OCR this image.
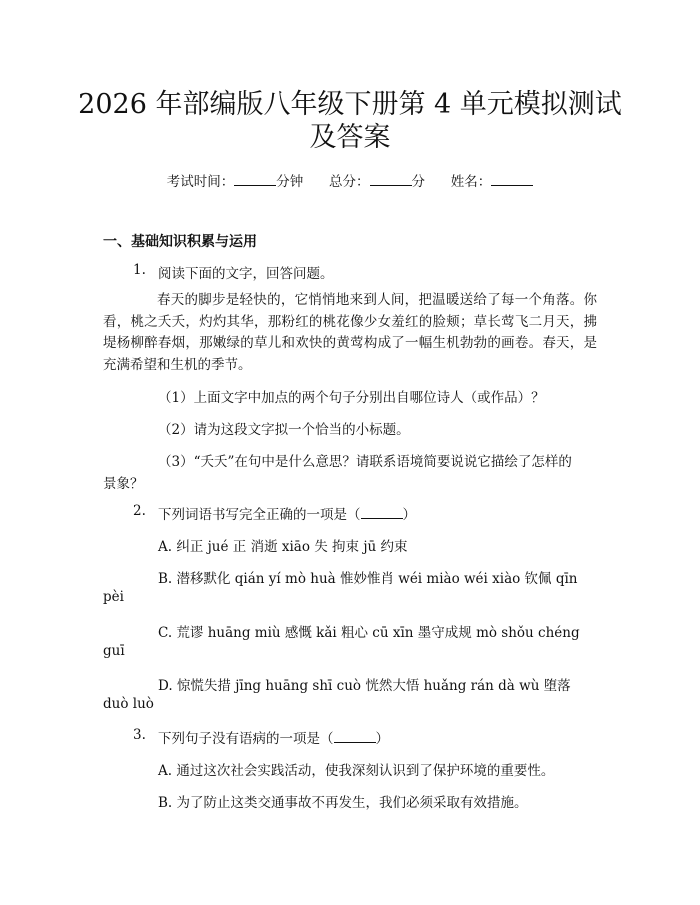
2026 年部编版八年级下册第 4 单元模拟测试
及答案
考试时间：	分钟 总分：	分 姓名：
一、基础知识积累与运用
1. 阅读下面的文字，回答问题。
春天的脚步是轻快的，它悄悄地来到人间，把温暖送给了每一个角落。你看，桃之夭夭，灼灼其华，那粉红的桃花像少女羞红的脸颊；草长莺飞二月天，拂堤杨柳醉春烟，那嫩绿的草儿和欢快的黄莺构成了一幅生机勃勃的画卷。春天，是充满希望和生机的季节。
（1）上面文字中加点的两个句子分别出自哪位诗人（或作品）？
（2）请为这段文字拟一个恰当的小标题。
（3）“夭夭”在句中是什么意思？请联系语境简要说说它描绘了怎样的
景象？
2. 下列词语书写完全正确的一项是（	）
A. 纠正 jué 正 消逝 xiāo 失 拘束 jū 约束
B. 潜移默化 qián yí mò huà 惟妙惟肖 wéi miào wéi xiào 钦佩 qīn
pèi
C. 荒谬 huāng miù 感慨 kǎi 粗心 cū xīn 墨守成规 mò shǒu chéng
guī
D. 惊慌失措 jīng huāng shī cuò 恍然大悟 huǎng rán dà wù 堕落
duò luò
3. 下列句子没有语病的一项是（	）
A. 通过这次社会实践活动，使我深刻认识到了保护环境的重要性。
B. 为了防止这类交通事故不再发生，我们必须采取有效措施。
